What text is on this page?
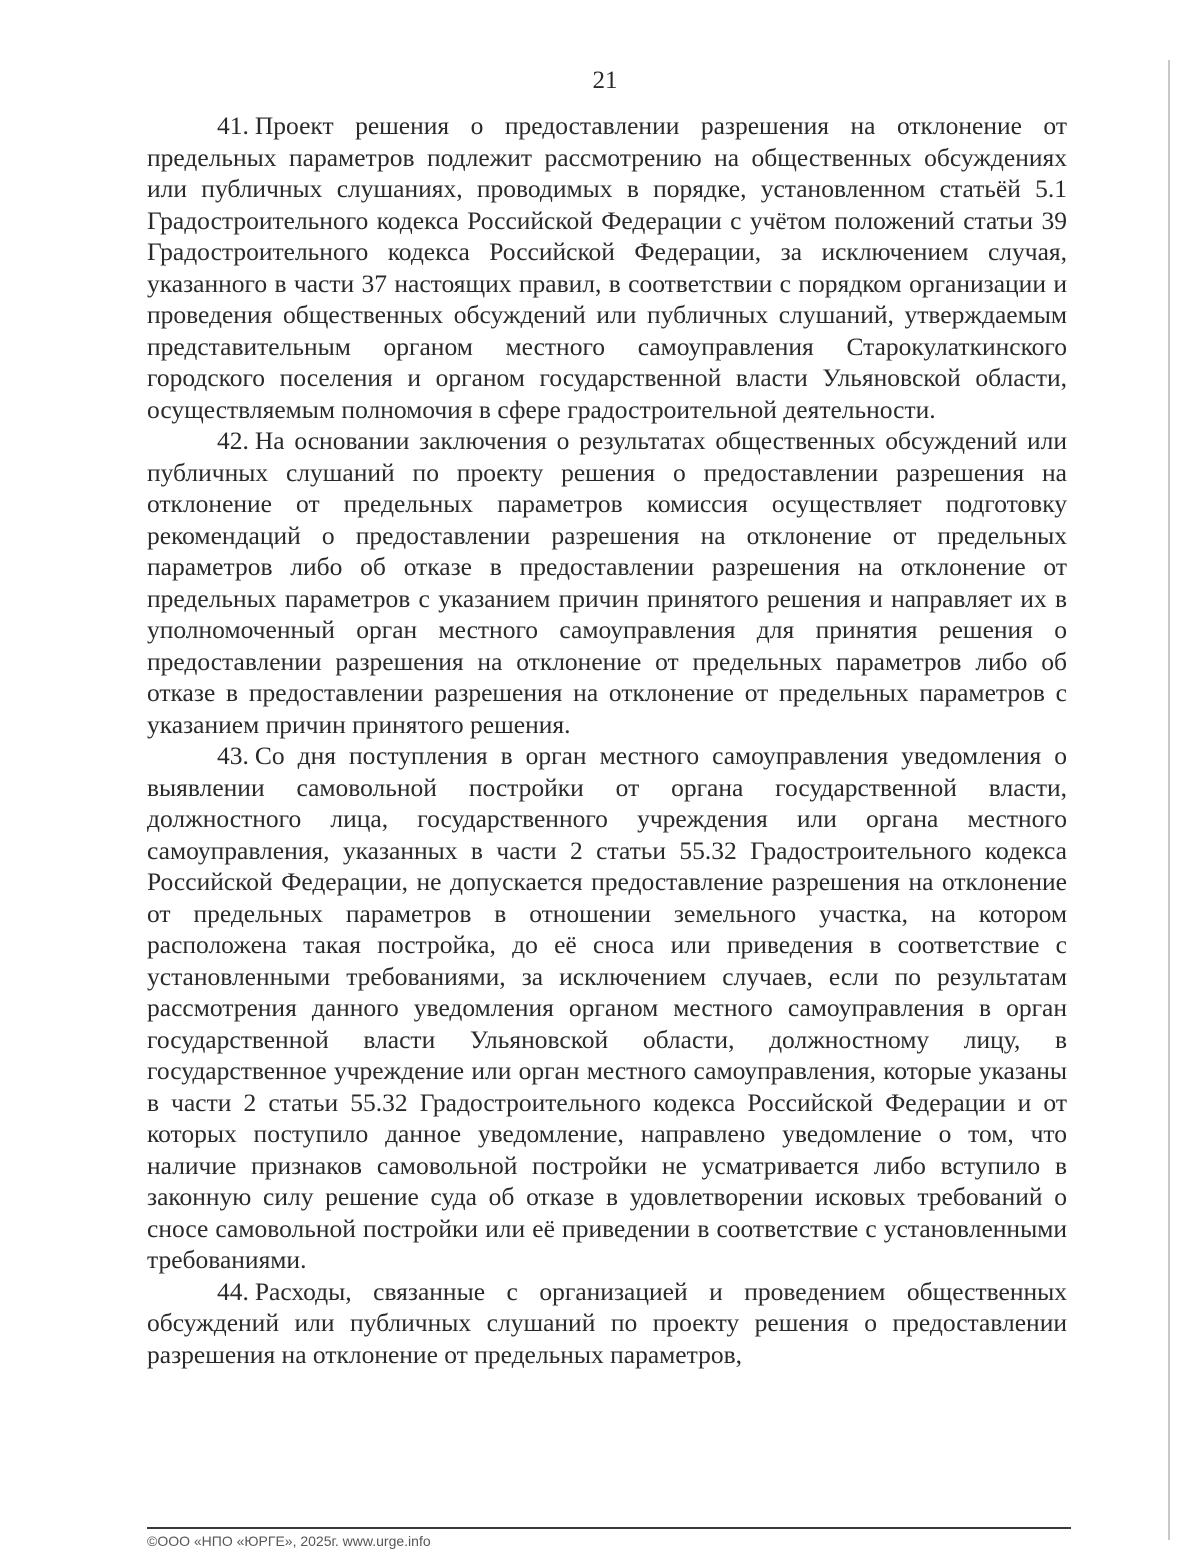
21

41. Проект решения о предоставлении разрешения на отклонение от предельных параметров подлежит рассмотрению на общественных обсуждениях или публичных слушаниях, проводимых в порядке, установленном статьёй 5.1 Градостроительного кодекса Российской Федерации с учётом положений статьи 39 Градостроительного кодекса Российской Федерации, за исключением случая, указанного в части 37 настоящих правил, в соответствии с порядком организации и проведения общественных обсуждений или публичных слушаний, утверждаемым представительным органом местного самоуправления Старокулаткинского городского поселения и органом государственной власти Ульяновской области, осуществляемым полномочия в сфере градостроительной деятельности.

42. На основании заключения о результатах общественных обсуждений или публичных слушаний по проекту решения о предоставлении разрешения на отклонение от предельных параметров комиссия осуществляет подготовку рекомендаций о предоставлении разрешения на отклонение от предельных параметров либо об отказе в предоставлении разрешения на отклонение от предельных параметров с указанием причин принятого решения и направляет их в уполномоченный орган местного самоуправления для принятия решения о предоставлении разрешения на отклонение от предельных параметров либо об отказе в предоставлении разрешения на отклонение от предельных параметров с указанием причин принятого решения.

43. Со дня поступления в орган местного самоуправления уведомления о выявлении самовольной постройки от органа государственной власти, должностного лица, государственного учреждения или органа местного самоуправления, указанных в части 2 статьи 55.32 Градостроительного кодекса Российской Федерации, не допускается предоставление разрешения на отклонение от предельных параметров в отношении земельного участка, на котором расположена такая постройка, до её сноса или приведения в соответствие с установленными требованиями, за исключением случаев, если по результатам рассмотрения данного уведомления органом местного самоуправления в орган государственной власти Ульяновской области, должностному лицу, в государственное учреждение или орган местного самоуправления, которые указаны в части 2 статьи 55.32 Градостроительного кодекса Российской Федерации и от которых поступило данное уведомление, направлено уведомление о том, что наличие признаков самовольной постройки не усматривается либо вступило в законную силу решение суда об отказе в удовлетворении исковых требований о сносе самовольной постройки или её приведении в соответствие с установленными требованиями.

44. Расходы, связанные с организацией и проведением общественных обсуждений или публичных слушаний по проекту решения о предоставлении разрешения на отклонение от предельных параметров,

©ООО «НПО «ЮРГЕ», 2025г. www.urge.info
